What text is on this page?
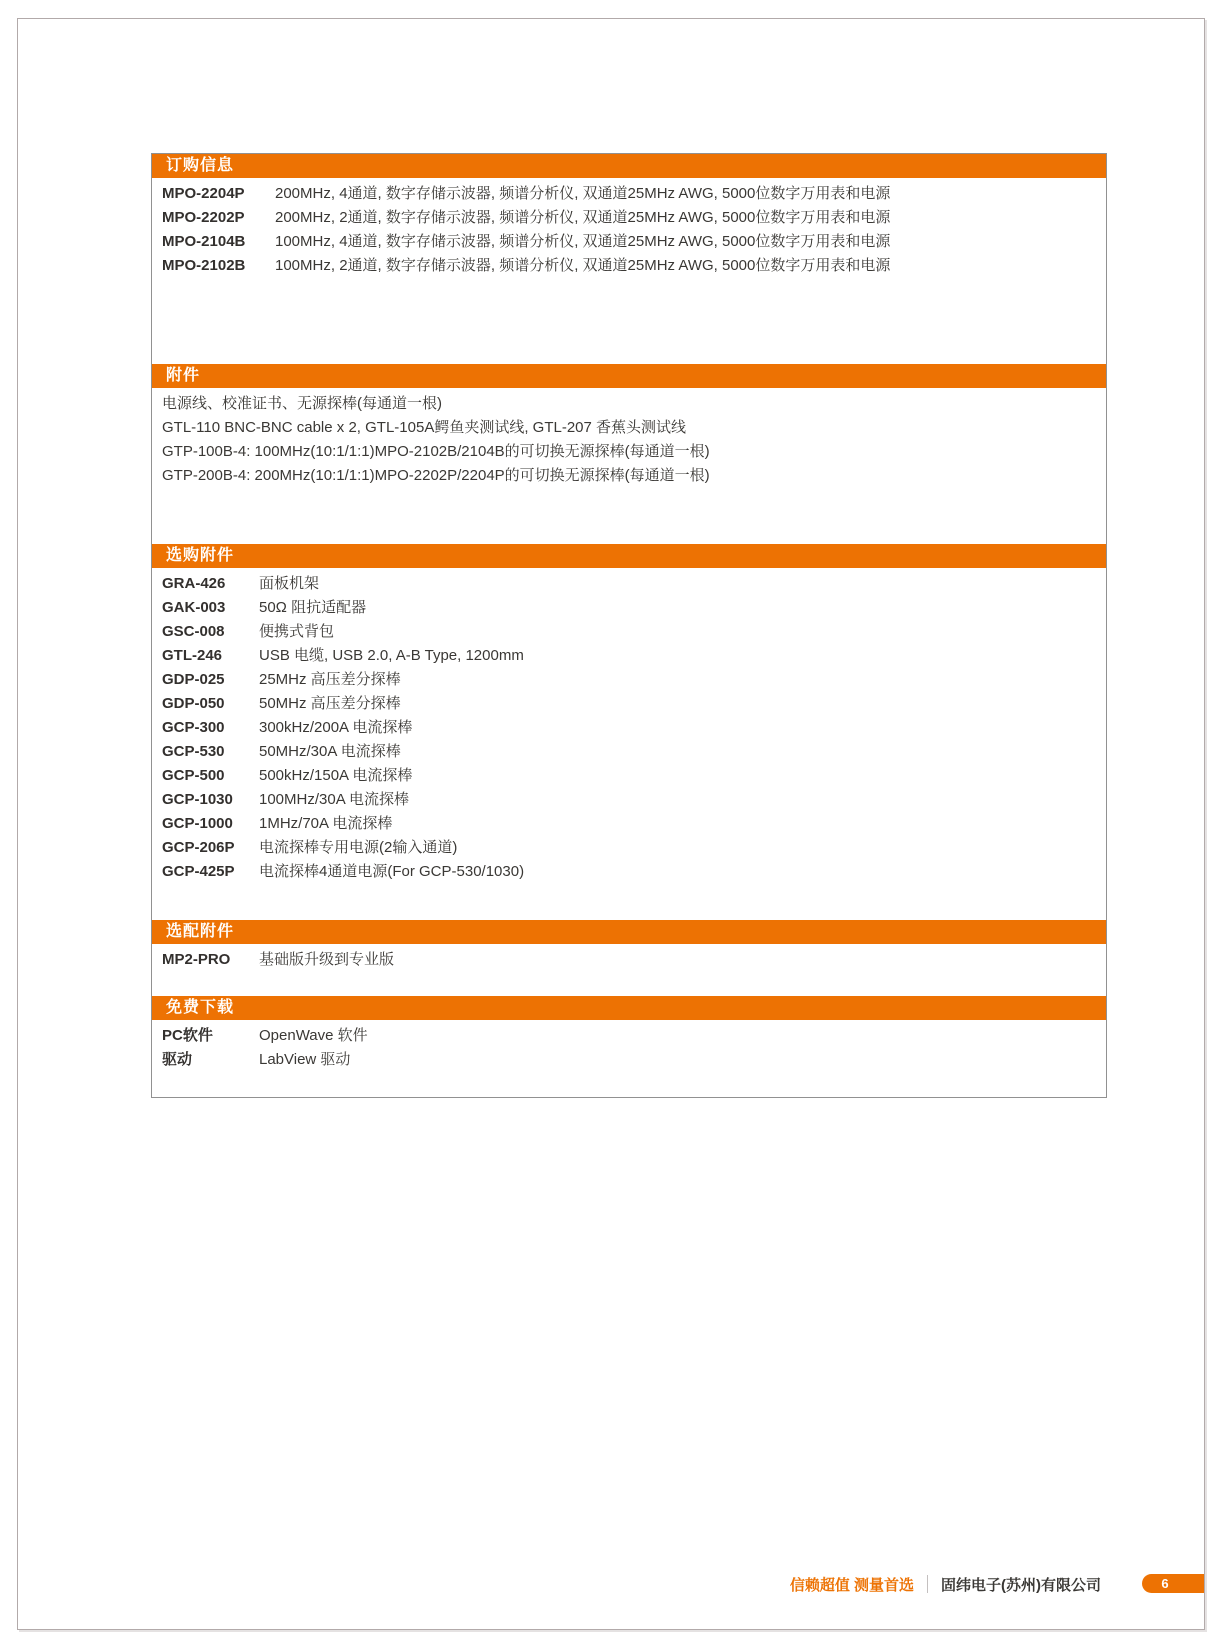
订购信息
MPO-2204P	200MHz, 4通道, 数字存储示波器, 频谱分析仪, 双通道25MHz AWG, 5000位数字万用表和电源
MPO-2202P	200MHz, 2通道, 数字存储示波器, 频谱分析仪, 双通道25MHz AWG, 5000位数字万用表和电源
MPO-2104B	100MHz, 4通道, 数字存储示波器, 频谱分析仪, 双通道25MHz AWG, 5000位数字万用表和电源
MPO-2102B	100MHz, 2通道, 数字存储示波器, 频谱分析仪, 双通道25MHz AWG, 5000位数字万用表和电源
附件
电源线、校准证书、无源探棒(每通道一根)
GTL-110 BNC-BNC cable x 2, GTL-105A鳄鱼夹测试线, GTL-207 香蕉头测试线
GTP-100B-4: 100MHz(10:1/1:1)MPO-2102B/2104B的可切换无源探棒(每通道一根)
GTP-200B-4: 200MHz(10:1/1:1)MPO-2202P/2204P的可切换无源探棒(每通道一根)
选购附件
GRA-426	面板机架
GAK-003	50Ω 阻抗适配器
GSC-008	便携式背包
GTL-246	USB 电缆, USB 2.0, A-B Type, 1200mm
GDP-025	25MHz 高压差分探棒
GDP-050	50MHz 高压差分探棒
GCP-300	300kHz/200A 电流探棒
GCP-530	50MHz/30A 电流探棒
GCP-500	500kHz/150A 电流探棒
GCP-1030	100MHz/30A 电流探棒
GCP-1000	1MHz/70A 电流探棒
GCP-206P	电流探棒专用电源(2输入通道)
GCP-425P	电流探棒4通道电源(For GCP-530/1030)
选配附件
MP2-PRO	基础版升级到专业版
免费下载
PC软件	OpenWave 软件
驱动	LabView 驱动
信赖超值 测量首选 固纬电子(苏州)有限公司	6
